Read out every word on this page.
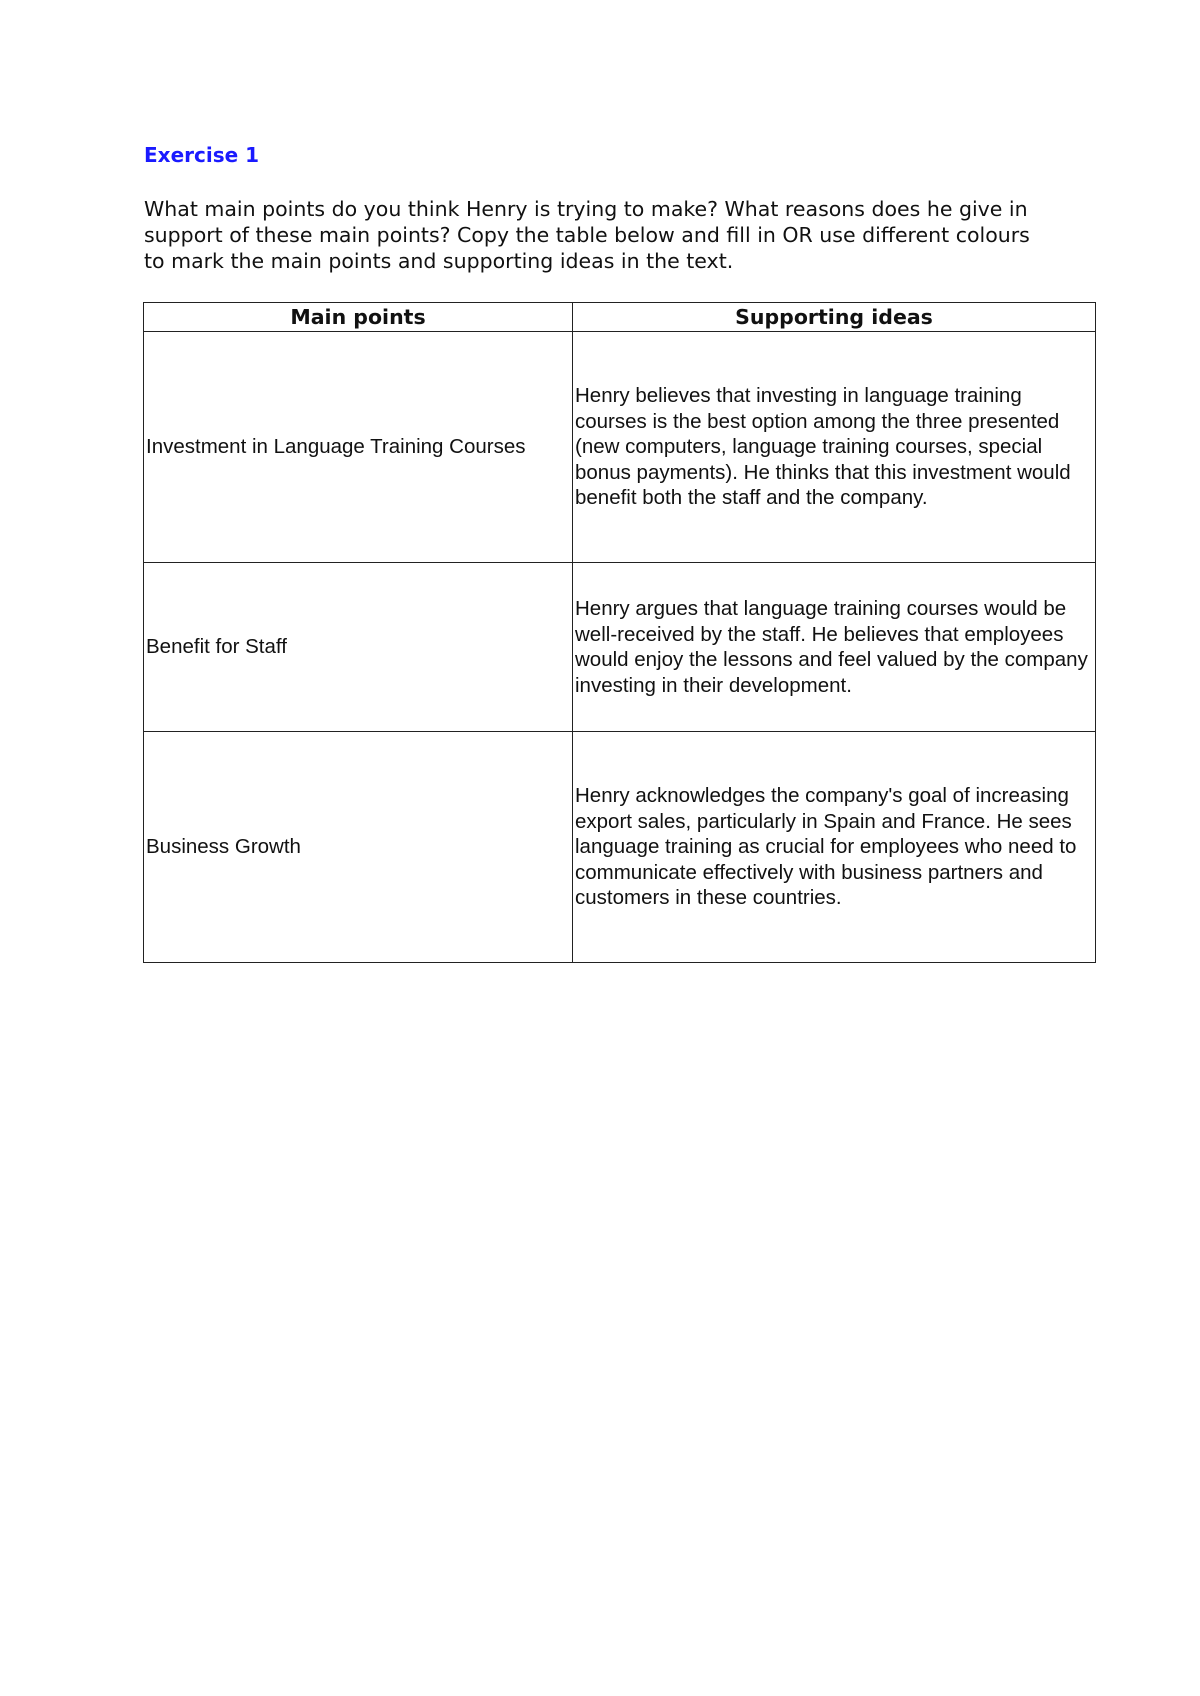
Exercise 1

What main points do you think Henry is trying to make? What reasons does he give in support of these main points? Copy the table below and fill in OR use different colours to mark the main points and supporting ideas in the text.

Main points	Supporting ideas
Investment in Language Training Courses	Henry believes that investing in language training courses is the best option among the three presented (new computers, language training courses, special bonus payments). He thinks that this investment would benefit both the staff and the company.
Benefit for Staff	Henry argues that language training courses would be well-received by the staff. He believes that employees would enjoy the lessons and feel valued by the company investing in their development.
Business Growth	Henry acknowledges the company's goal of increasing export sales, particularly in Spain and France. He sees language training as crucial for employees who need to communicate effectively with business partners and customers in these countries.
